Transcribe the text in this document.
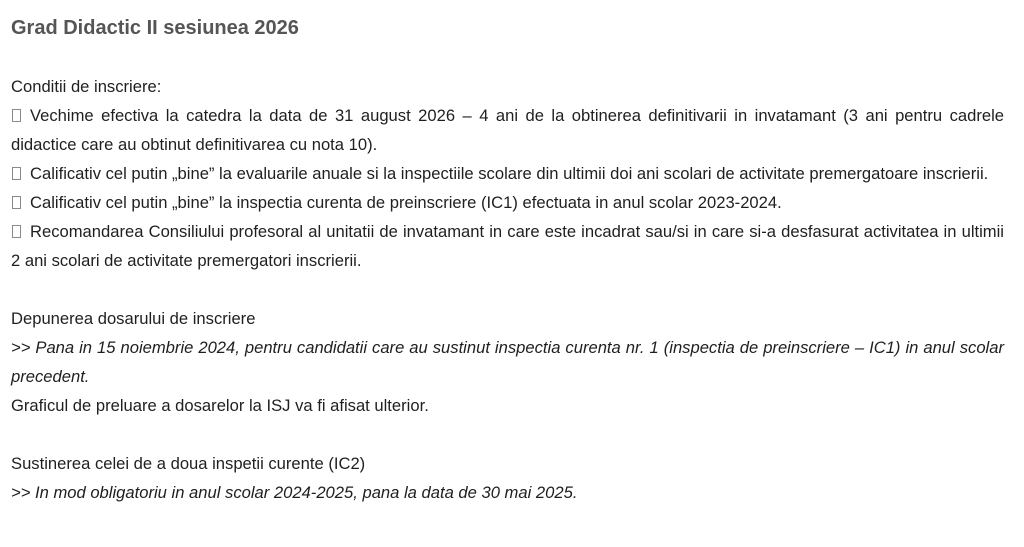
Grad Didactic II sesiunea 2026

Conditii de inscriere:

Vechime efectiva la catedra la data de 31 august 2026 – 4 ani de la obtinerea definitivarii in invatamant (3 ani pentru cadrele didactice care au obtinut definitivarea cu nota 10).

Calificativ cel putin „bine” la evaluarile anuale si la inspectiile scolare din ultimii doi ani scolari de activitate premergatoare inscrierii.

Calificativ cel putin „bine” la inspectia curenta de preinscriere (IC1) efectuata in anul scolar 2023-2024.

Recomandarea Consiliului profesoral al unitatii de invatamant in care este incadrat sau/si in care si-a desfasurat activitatea in ultimii 2 ani scolari de activitate premergatori inscrierii.

Depunerea dosarului de inscriere

>> Pana in 15 noiembrie 2024, pentru candidatii care au sustinut inspectia curenta nr. 1 (inspectia de preinscriere – IC1) in anul scolar precedent.

Graficul de preluare a dosarelor la ISJ va fi afisat ulterior.

Sustinerea celei de a doua inspetii curente (IC2)

>> In mod obligatoriu in anul scolar 2024-2025, pana la data de 30 mai 2025.
